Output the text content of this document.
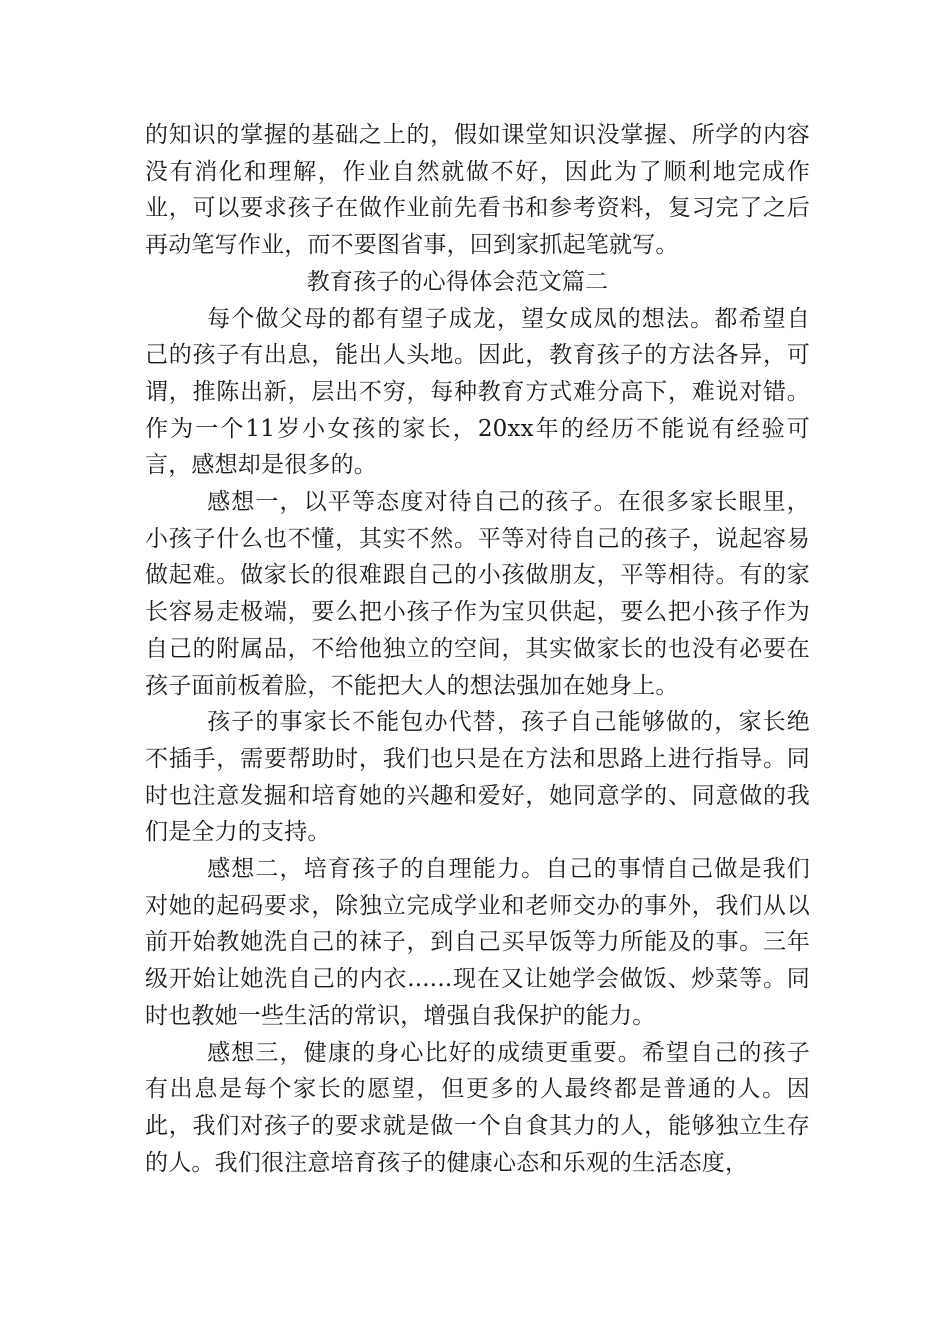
的知识的掌握的基础之上的，假如课堂知识没掌握、所学的内容没有消化和理解，作业自然就做不好，因此为了顺利地完成作业，可以要求孩子在做作业前先看书和参考资料，复习完了之后再动笔写作业，而不要图省事，回到家抓起笔就写。

教育孩子的心得体会范文篇二

每个做父母的都有望子成龙，望女成凤的想法。都希望自己的孩子有出息，能出人头地。因此，教育孩子的方法各异，可谓，推陈出新，层出不穷，每种教育方式难分高下，难说对错。作为一个11岁小女孩的家长，20xx年的经历不能说有经验可言，感想却是很多的。

感想一，以平等态度对待自己的孩子。在很多家长眼里，小孩子什么也不懂，其实不然。平等对待自己的孩子，说起容易做起难。做家长的很难跟自己的小孩做朋友，平等相待。有的家长容易走极端，要么把小孩子作为宝贝供起，要么把小孩子作为自己的附属品，不给他独立的空间，其实做家长的也没有必要在孩子面前板着脸，不能把大人的想法强加在她身上。

孩子的事家长不能包办代替，孩子自己能够做的，家长绝不插手，需要帮助时，我们也只是在方法和思路上进行指导。同时也注意发掘和培育她的兴趣和爱好，她同意学的、同意做的我们是全力的支持。

感想二，培育孩子的自理能力。自己的事情自己做是我们对她的起码要求，除独立完成学业和老师交办的事外，我们从以前开始教她洗自己的袜子，到自己买早饭等力所能及的事。三年级开始让她洗自己的内衣......现在又让她学会做饭、炒菜等。同时也教她一些生活的常识，增强自我保护的能力。

感想三，健康的身心比好的成绩更重要。希望自己的孩子有出息是每个家长的愿望，但更多的人最终都是普通的人。因此，我们对孩子的要求就是做一个自食其力的人，能够独立生存的人。我们很注意培育孩子的健康心态和乐观的生活态度，
